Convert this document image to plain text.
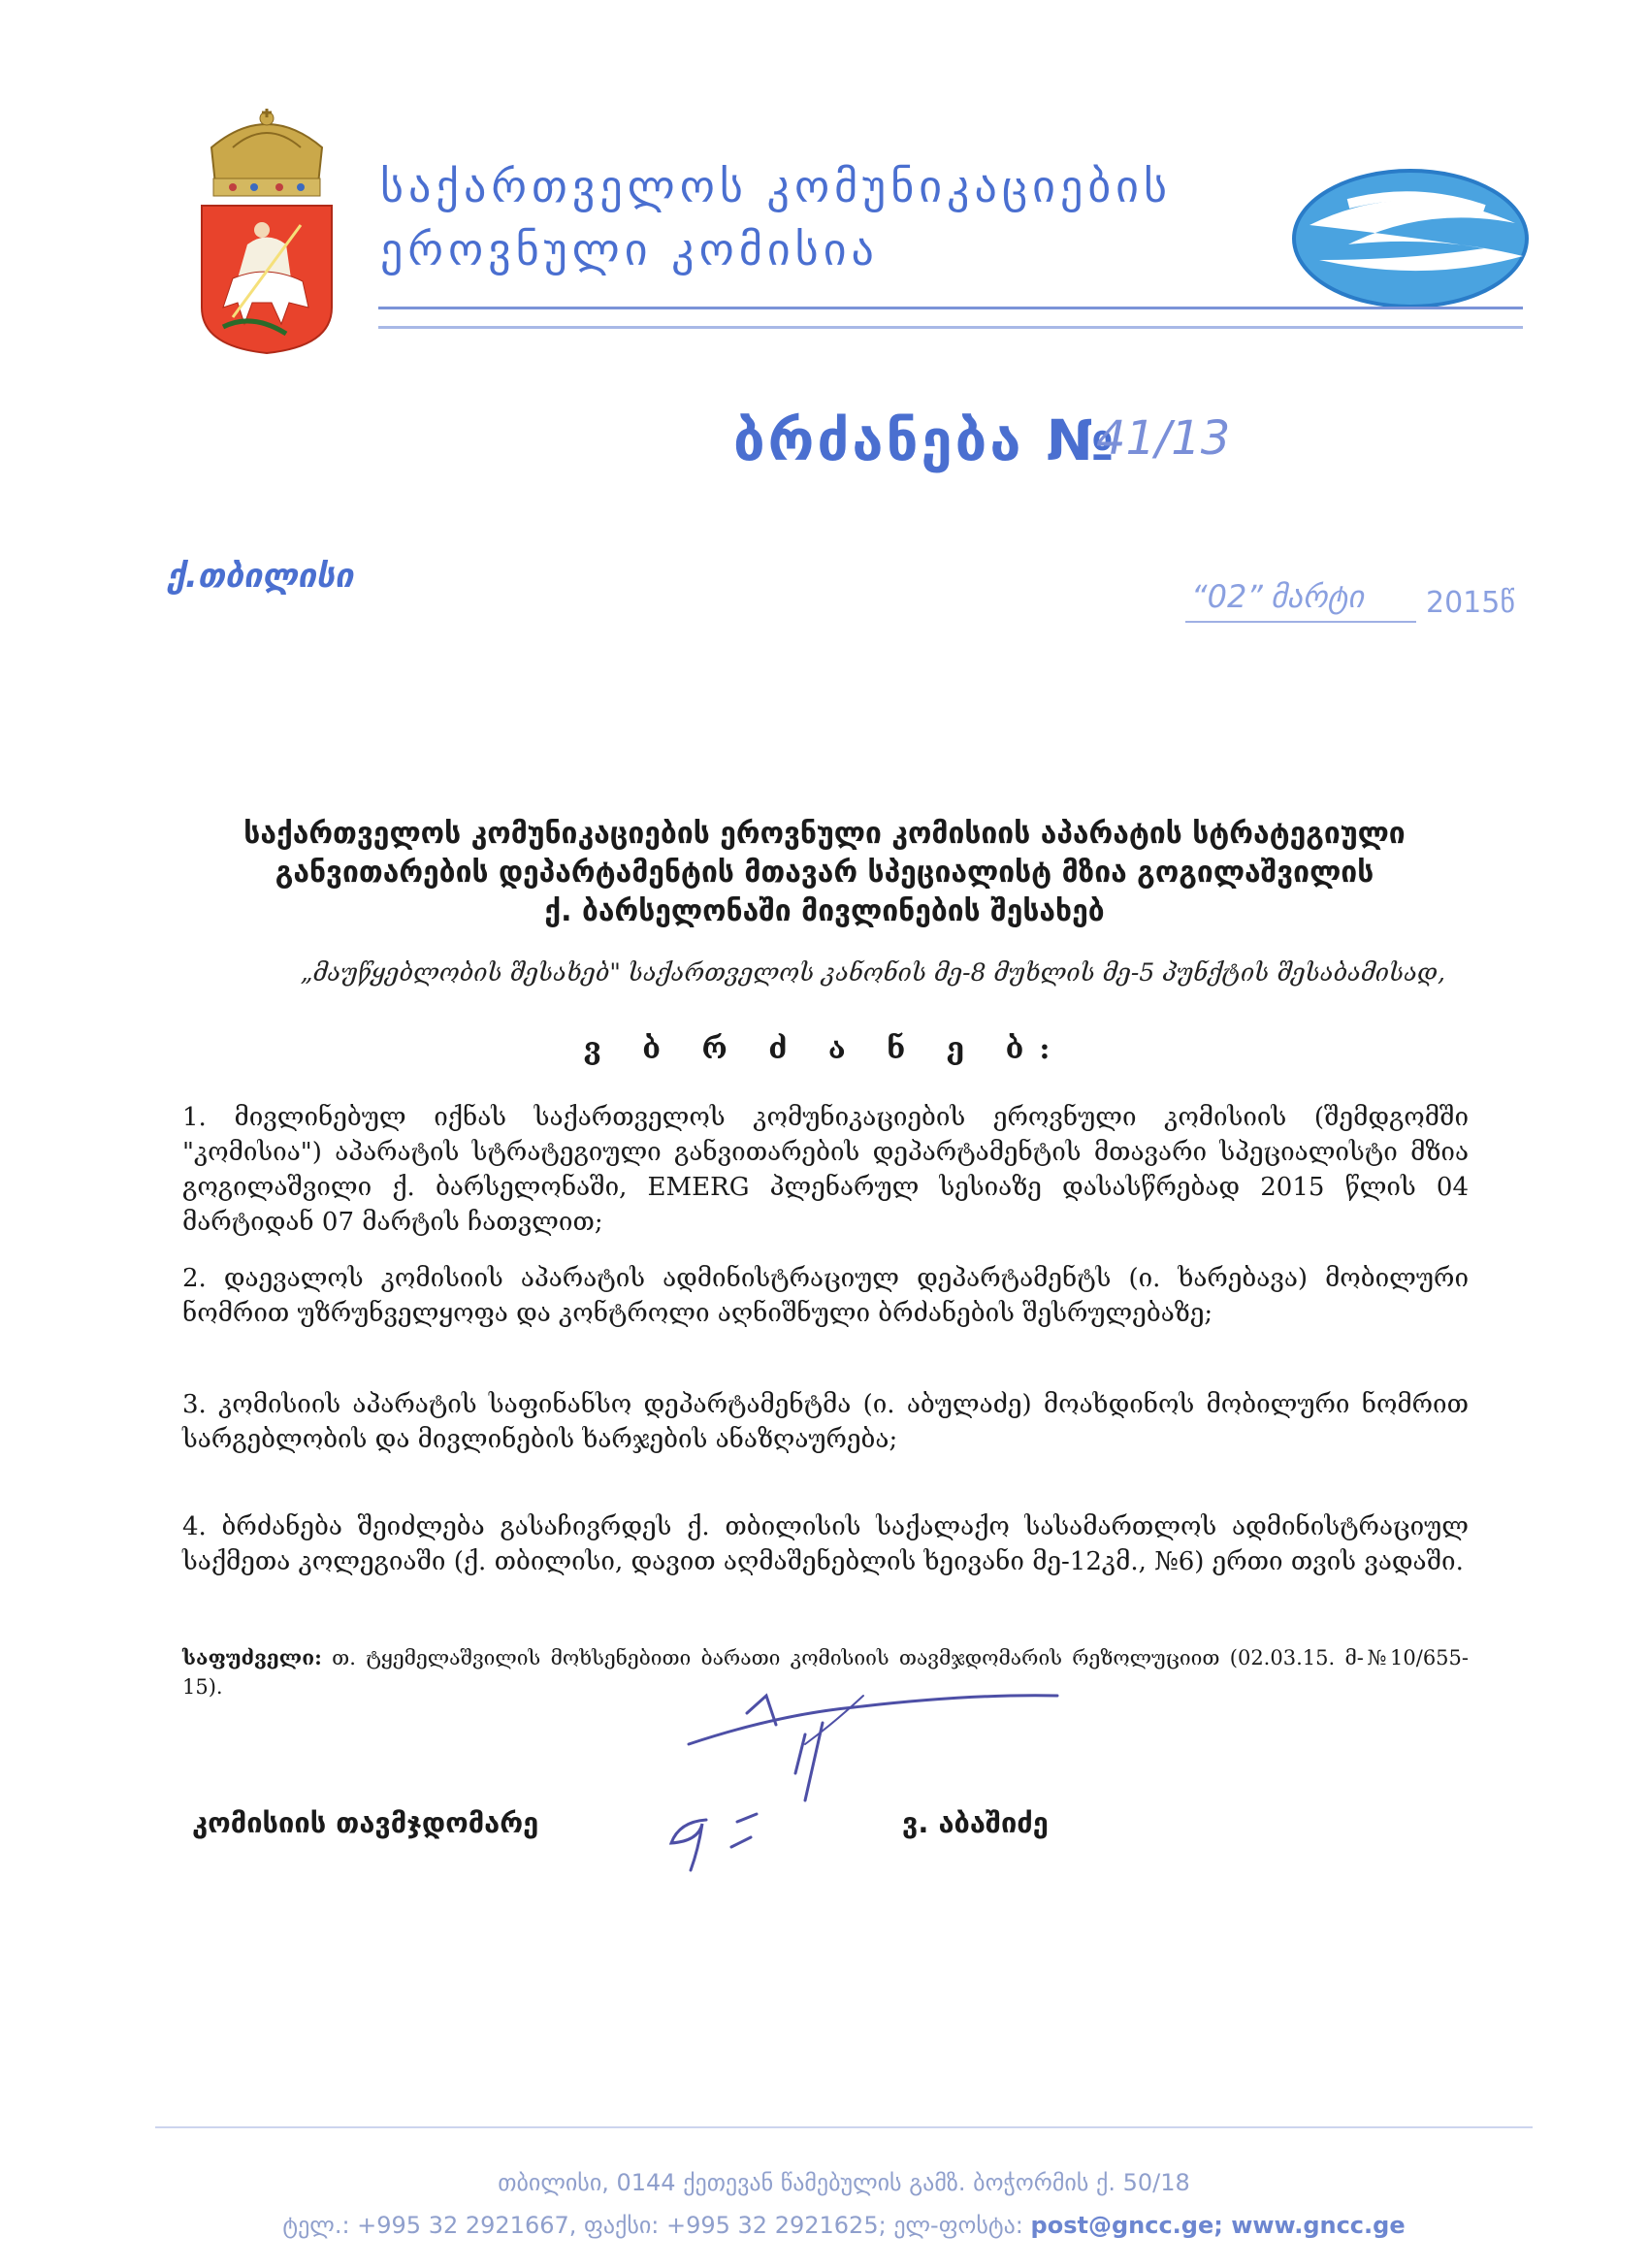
საქართველოს კომუნიკაციების
ეროვნული კომისია
ბრძანება №
41/13
ქ.თბილისი
“02” მარტი 2015წ
საქართველოს კომუნიკაციების ეროვნული კომისიის აპარატის სტრატეგიული
განვითარების დეპარტამენტის მთავარ სპეციალისტ მზია გოგილაშვილის
ქ. ბარსელონაში მივლინების შესახებ
„მაუწყებლობის შესახებ" საქართველოს კანონის მე-8 მუხლის მე-5 პუნქტის შესაბამისად,
ვ ბ რ ძ ა ნ ე ბ:
1. მივლინებულ იქნას საქართველოს კომუნიკაციების ეროვნული კომისიის (შემდგომში "კომისია") აპარატის სტრატეგიული განვითარების დეპარტამენტის მთავარი სპეციალისტი მზია გოგილაშვილი ქ. ბარსელონაში, EMERG პლენარულ სესიაზე დასასწრებად 2015 წლის 04 მარტიდან 07 მარტის ჩათვლით;
2. დაევალოს კომისიის აპარატის ადმინისტრაციულ დეპარტამენტს (ი. ხარებავა) მობილური ნომრით უზრუნველყოფა და კონტროლი აღნიშნული ბრძანების შესრულებაზე;
3. კომისიის აპარატის საფინანსო დეპარტამენტმა (ი. აბულაძე) მოახდინოს მობილური ნომრით სარგებლობის და მივლინების ხარჯების ანაზღაურება;
4. ბრძანება შეიძლება გასაჩივრდეს ქ. თბილისის საქალაქო სასამართლოს ადმინისტრაციულ საქმეთა კოლეგიაში (ქ. თბილისი, დავით აღმაშენებლის ხეივანი მე-12კმ., №6) ერთი თვის ვადაში.
საფუძველი: თ. ტყემელაშვილის მოხსენებითი ბარათი კომისიის თავმჯდომარის რეზოლუციით (02.03.15. მ-№10/655-15).
კომისიის თავმჯდომარე	ვ. აბაშიძე
თბილისი, 0144 ქეთევან წამებულის გამზ. ბოჭორმის ქ. 50/18
ტელ.: +995 32 2921667, ფაქსი: +995 32 2921625; ელ-ფოსტა: post@gncc.ge; www.gncc.ge
